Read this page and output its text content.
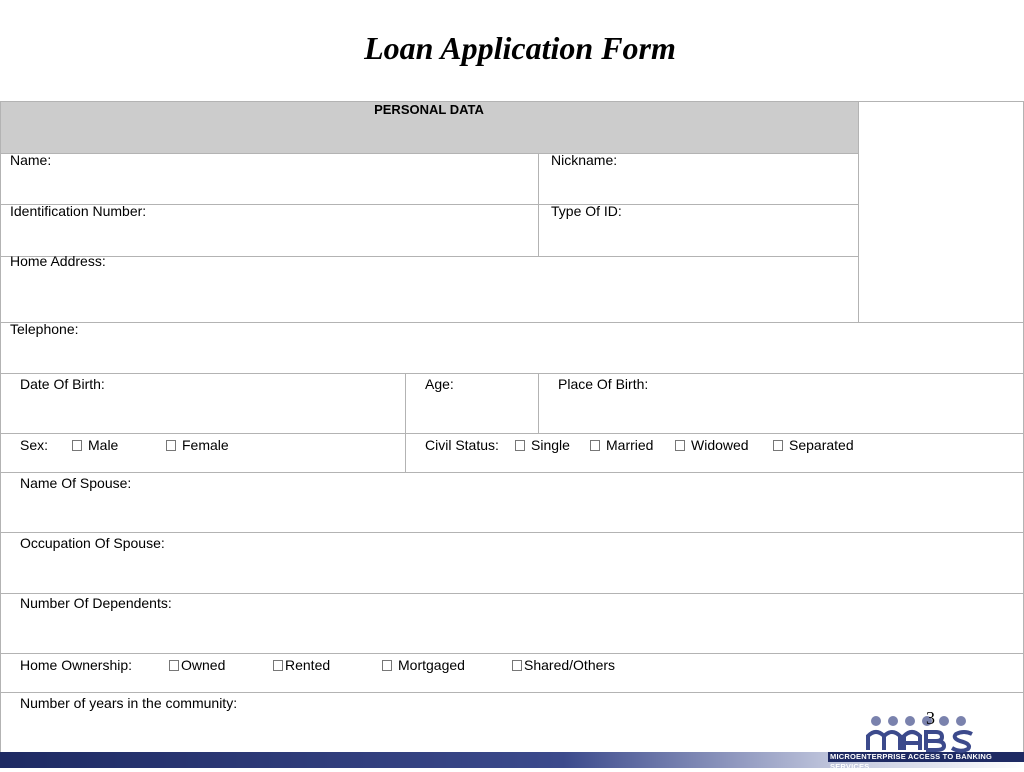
Loan Application Form
PERSONAL DATA
Name:	Nickname:
Identification Number:	Type Of ID:
Home Address:
Telephone:
Date Of Birth:	Age:	Place Of Birth:
Sex:	Male	Female	Civil Status:	Single	Married	Widowed	Separated
Name Of Spouse:
Occupation Of Spouse:
Number Of Dependents:
Home Ownership:	Owned	Rented	Mortgaged	Shared/Others
Number of years in the community:
MICROENTERPRISE ACCESS TO BANKING SERVICES
3
